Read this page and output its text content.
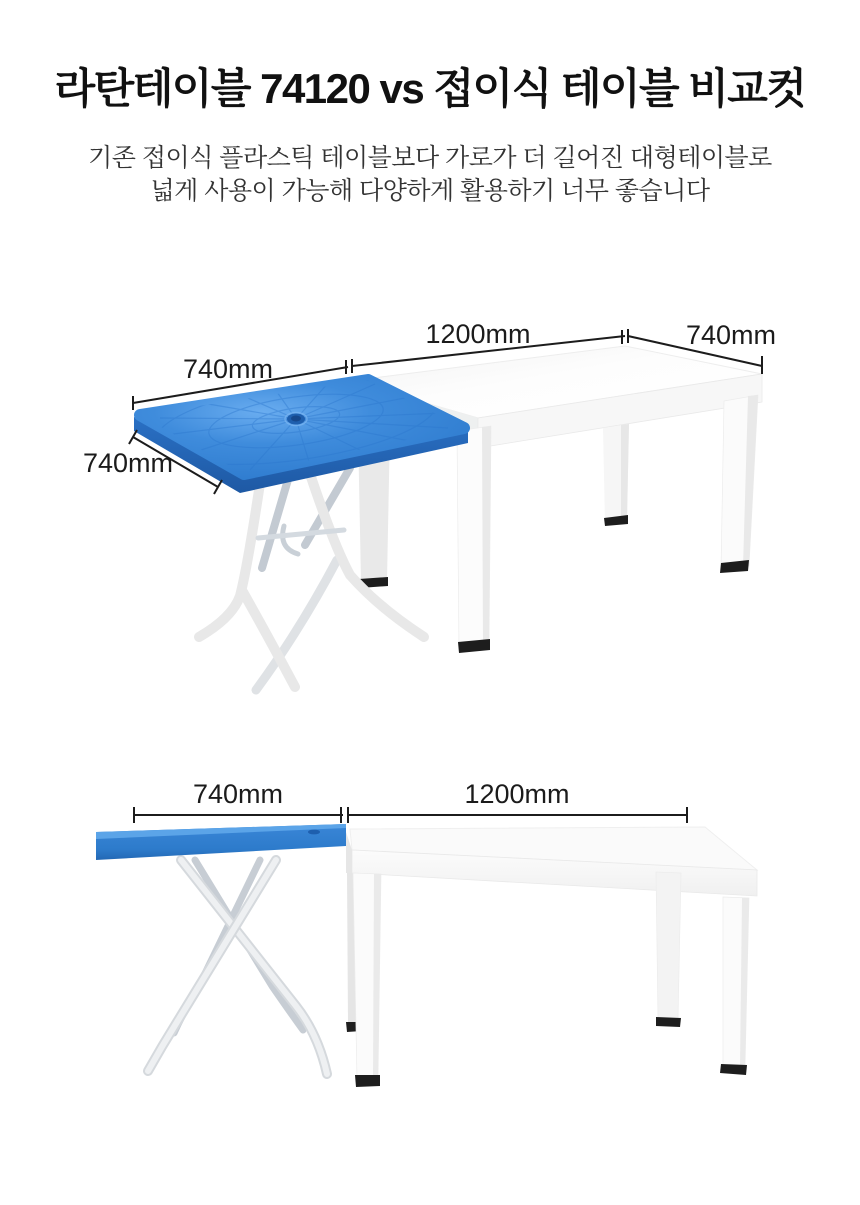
라탄테이블 74120 vs 접이식 테이블 비교컷
기존 접이식 플라스틱 테이블보다 가로가 더 길어진 대형테이블로
넓게 사용이 가능해 다양하게 활용하기 너무 좋습니다
740mm
1200mm	740mm
740mm
740mm	1200mm
